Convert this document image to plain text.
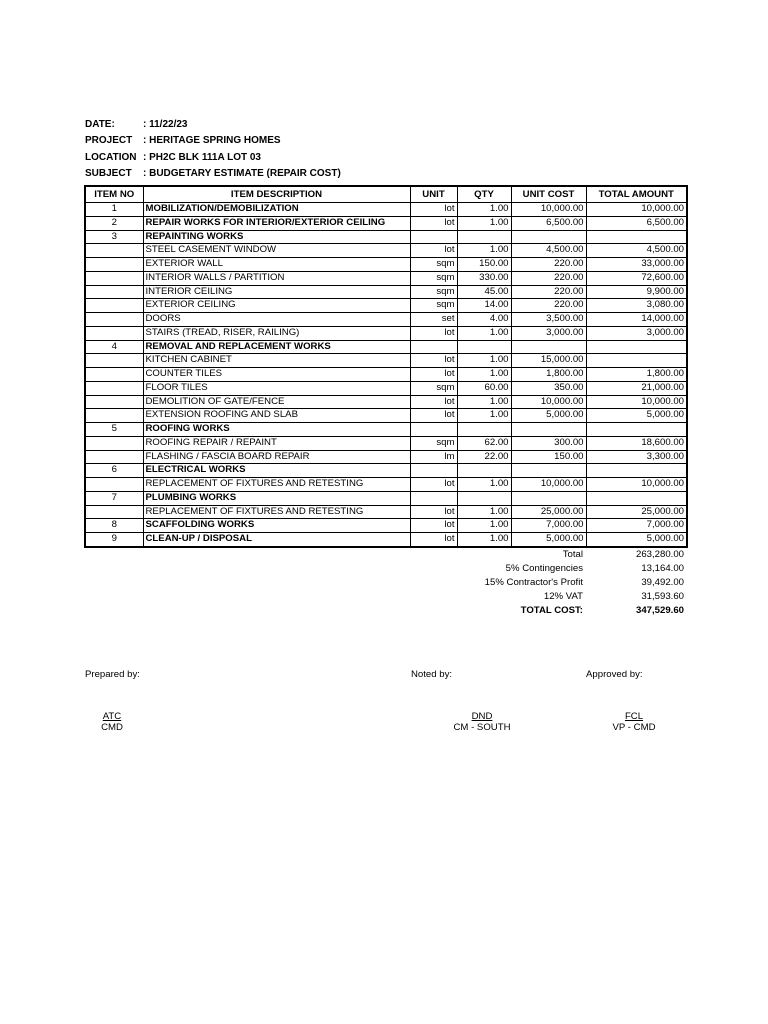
DATE:	: 11/22/23
PROJECT	: HERITAGE SPRING HOMES
LOCATION : PH2C BLK 111A LOT 03
SUBJECT	: BUDGETARY ESTIMATE (REPAIR COST)
ITEM NO	ITEM DESCRIPTION	UNIT	QTY	UNIT COST	TOTAL AMOUNT
1	MOBILIZATION/DEMOBILIZATION	lot	1.00	10,000.00	10,000.00
2	REPAIR WORKS FOR INTERIOR/EXTERIOR CEILING	lot	1.00	6,500.00	6,500.00
3	REPAINTING WORKS				
	STEEL CASEMENT WINDOW	lot	1.00	4,500.00	4,500.00
	EXTERIOR WALL	sqm	150.00	220.00	33,000.00
	INTERIOR WALLS / PARTITION	sqm	330.00	220.00	72,600.00
	INTERIOR CEILING	sqm	45.00	220.00	9,900.00
	EXTERIOR CEILING	sqm	14.00	220.00	3,080.00
	DOORS	set	4.00	3,500.00	14,000.00
	STAIRS (TREAD, RISER, RAILING)	lot	1.00	3,000.00	3,000.00
4	REMOVAL AND REPLACEMENT WORKS				
	KITCHEN CABINET	lot	1.00	15,000.00	
	COUNTER TILES	lot	1.00	1,800.00	1,800.00
	FLOOR TILES	sqm	60.00	350.00	21,000.00
	DEMOLITION OF GATE/FENCE	lot	1.00	10,000.00	10,000.00
	EXTENSION ROOFING AND SLAB	lot	1.00	5,000.00	5,000.00
5	ROOFING WORKS				
	ROOFING REPAIR / REPAINT	sqm	62.00	300.00	18,600.00
	FLASHING / FASCIA BOARD REPAIR	lm	22.00	150.00	3,300.00
6	ELECTRICAL WORKS				
	REPLACEMENT OF FIXTURES AND RETESTING	lot	1.00	10,000.00	10,000.00
7	PLUMBING WORKS				
	REPLACEMENT OF FIXTURES AND RETESTING	lot	1.00	25,000.00	25,000.00
8	SCAFFOLDING WORKS	lot	1.00	7,000.00	7,000.00
9	CLEAN-UP / DISPOSAL	lot	1.00	5,000.00	5,000.00
Total	263,280.00
5% Contingencies	13,164.00
15% Contractor's Profit	39,492.00
12% VAT	31,593.60
TOTAL COST:	347,529.60
Prepared by:	Noted by:	Approved by:
ATC
CMD
DND
CM - SOUTH
FCL
VP - CMD
